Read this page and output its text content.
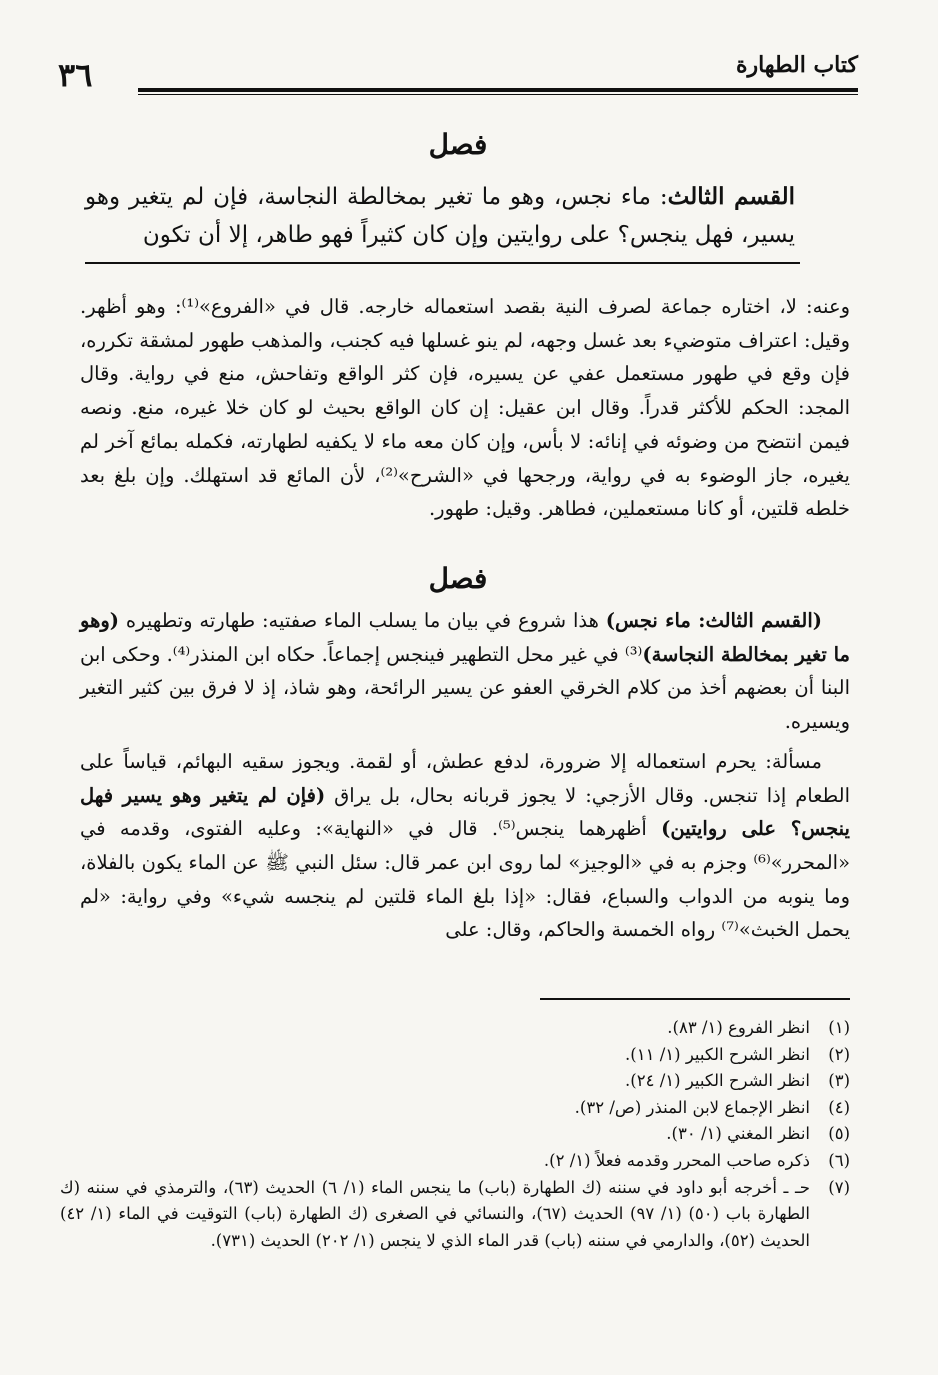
كتاب الطهارة
٣٦
فصل

القسم الثالث: ماء نجس، وهو ما تغير بمخالطة النجاسة، فإن لم يتغير وهو يسير، فهل ينجس؟ على روايتين وإن كان كثيراً فهو طاهر، إلا أن تكون

وعنه: لا، اختاره جماعة لصرف النية بقصد استعماله خارجه. قال في «الفروع»⁽¹⁾: وهو أظهر. وقيل: اعتراف متوضيء بعد غسل وجهه، لم ينو غسلها فيه كجنب، والمذهب طهور لمشقة تكرره، فإن وقع في طهور مستعمل عفي عن يسيره، فإن كثر الواقع وتفاحش، منع في رواية. وقال المجد: الحكم للأكثر قدراً. وقال ابن عقيل: إن كان الواقع بحيث لو كان خلا غيره، منع. ونصه فيمن انتضح من وضوئه في إنائه: لا بأس، وإن كان معه ماء لا يكفيه لطهارته، فكمله بمائع آخر لم يغيره، جاز الوضوء به في رواية، ورجحها في «الشرح»⁽²⁾، لأن المائع قد استهلك. وإن بلغ بعد خلطه قلتين، أو كانا مستعملين، فطاهر. وقيل: طهور.

فصل

(القسم الثالث: ماء نجس) هذا شروع في بيان ما يسلب الماء صفتيه: طهارته وتطهيره (وهو ما تغير بمخالطة النجاسة)⁽³⁾ في غير محل التطهير فينجس إجماعاً. حكاه ابن المنذر⁽⁴⁾. وحكى ابن البنا أن بعضهم أخذ من كلام الخرقي العفو عن يسير الرائحة، وهو شاذ، إذ لا فرق بين كثير التغير ويسيره.

مسألة: يحرم استعماله إلا ضرورة، لدفع عطش، أو لقمة. ويجوز سقيه البهائم، قياساً على الطعام إذا تنجس. وقال الأزجي: لا يجوز قربانه بحال، بل يراق (فإن لم يتغير وهو يسير فهل ينجس؟ على روايتين) أظهرهما ينجس⁽⁵⁾. قال في «النهاية»: وعليه الفتوى، وقدمه في «المحرر»⁽⁶⁾ وجزم به في «الوجيز» لما روى ابن عمر قال: سئل النبي ﷺ عن الماء يكون بالفلاة، وما ينوبه من الدواب والسباع، فقال: «إذا بلغ الماء قلتين لم ينجسه شيء» وفي رواية: «لم يحمل الخبث»⁽⁷⁾ رواه الخمسة والحاكم، وقال: على

(١)
انظر الفروع (١/ ٨٣).
(٢)
انظر الشرح الكبير (١/ ١١).
(٣)
انظر الشرح الكبير (١/ ٢٤).
(٤)
انظر الإجماع لابن المنذر (ص/ ٣٢).
(٥)
انظر المغني (١/ ٣٠).
(٦)
ذكره صاحب المحرر وقدمه فعلاً (١/ ٢).
(٧)
حـ ـ أخرجه أبو داود في سننه (ك الطهارة (باب) ما ينجس الماء (١/ ٦) الحديث (٦٣)، والترمذي في سننه (ك الطهارة باب (٥٠) (١/ ٩٧) الحديث (٦٧)، والنسائي في الصغرى (ك الطهارة (باب) التوقيت في الماء (١/ ٤٢) الحديث (٥٢)، والدارمي في سننه (باب) قدر الماء الذي لا ينجس (١/ ٢٠٢) الحديث (٧٣١).
